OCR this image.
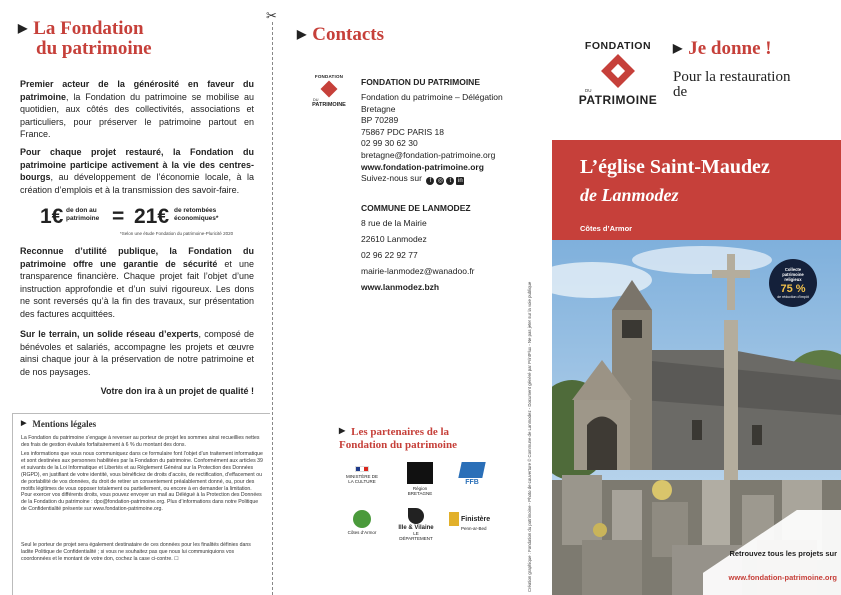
✂
▶ La Fondation
du patrimoine

Premier acteur de la générosité en faveur du patrimoine, la Fondation du patrimoine se mobilise au quotidien, aux côtés des collectivités, associations et particuliers, pour préserver le patrimoine partout en France.

Pour chaque projet restauré, la Fondation du patrimoine participe activement à la vie des centres-bourgs, au développement de l’économie locale, à la création d’emplois et à la transmission des savoir-faire.

1€ de don au patrimoine = 21€ de retombées économiques*
*Selon une étude Fondation du patrimoine-Pluricité 2020

Reconnue d’utilité publique, la Fondation du patrimoine offre une garantie de sécurité et une transparence financière. Chaque projet fait l’objet d’une instruction approfondie et d’un suivi rigoureux. Les dons ne sont reversés qu’à la fin des travaux, sur présentation des factures acquittées.

Sur le terrain, un solide réseau d’experts, composé de bénévoles et salariés, accompagne les projets et œuvre ainsi chaque jour à la préservation de notre patrimoine et de nos paysages.

Votre don ira à un projet de qualité !
▶ Mentions légales

La Fondation du patrimoine s’engage à reverser au porteur de projet les sommes ainsi recueillies nettes des frais de gestion évalués forfaitairement à 6 % du montant des dons.

Les informations que vous nous communiquez dans ce formulaire font l’objet d’un traitement informatique et sont destinées aux personnes habilitées par la Fondation du patrimoine. Conformément aux articles 39 et suivants de la Loi Informatique et Libertés et au Règlement Général sur la Protection des Données (RGPD), en justifiant de votre identité, vous bénéficiez de droits d’accès, de rectification, d’effacement ou de portabilité de vos données, du droit de retirer un consentement préalablement donné, ou, pour des motifs légitimes de vous opposer totalement ou partiellement, ou encore à en demander la limitation. Pour exercer vos différents droits, vous pouvez envoyer un mail au Délégué à la Protection des Données de la Fondation du patrimoine : dpo@fondation-patrimoine.org. Plus d’informations dans notre Politique de Confidentialité présente sur www.fondation-patrimoine.org.

Seul le porteur de projet sera également destinataire de ces données pour les finalités définies dans ladite Politique de Confidentialité ; si vous ne souhaitez pas que nous lui communiquions vos coordonnées et le montant de votre don, cochez la case ci-contre. ☐

▶ Contacts
FONDATION
DU
PATRIMOINE
FONDATION DU PATRIMOINE
Fondation du patrimoine – Délégation
Bretagne
BP 70289
75867 PDC PARIS 18
02 99 30 62 30
bretagne@fondation-patrimoine.org
www.fondation-patrimoine.org
Suivez-nous sur f ◎ t in
COMMUNE DE LANMODEZ
8 rue de la Mairie
22610 Lanmodez
02 96 22 92 77
mairie-lanmodez@wanadoo.fr
www.lanmodez.bzh	Création graphique : Fondation du patrimoine - Photo de couverture © Commune de Lanmodez - Document généré par PrintFlux - Ne pas jeter sur la voie publique
▶ Les partenaires de la
Fondation du patrimoine
MINISTÈRE DE LA CULTURE
Région BRETAGNE
FFB
Côtes d’Armor
Ille & Vilaine
LE DÉPARTEMENT
Finistère
Penn-ar-Bed
FONDATION
DU
PATRIMOINE
▶ Je donne !
Pour la restauration de
L’église Saint-Maudez
de Lanmodez
Côtes d’Armor
Collecte patrimoine religieux
75 %
de réduction d’impôt
Retrouvez tous les projets sur
www.fondation-patrimoine.org
